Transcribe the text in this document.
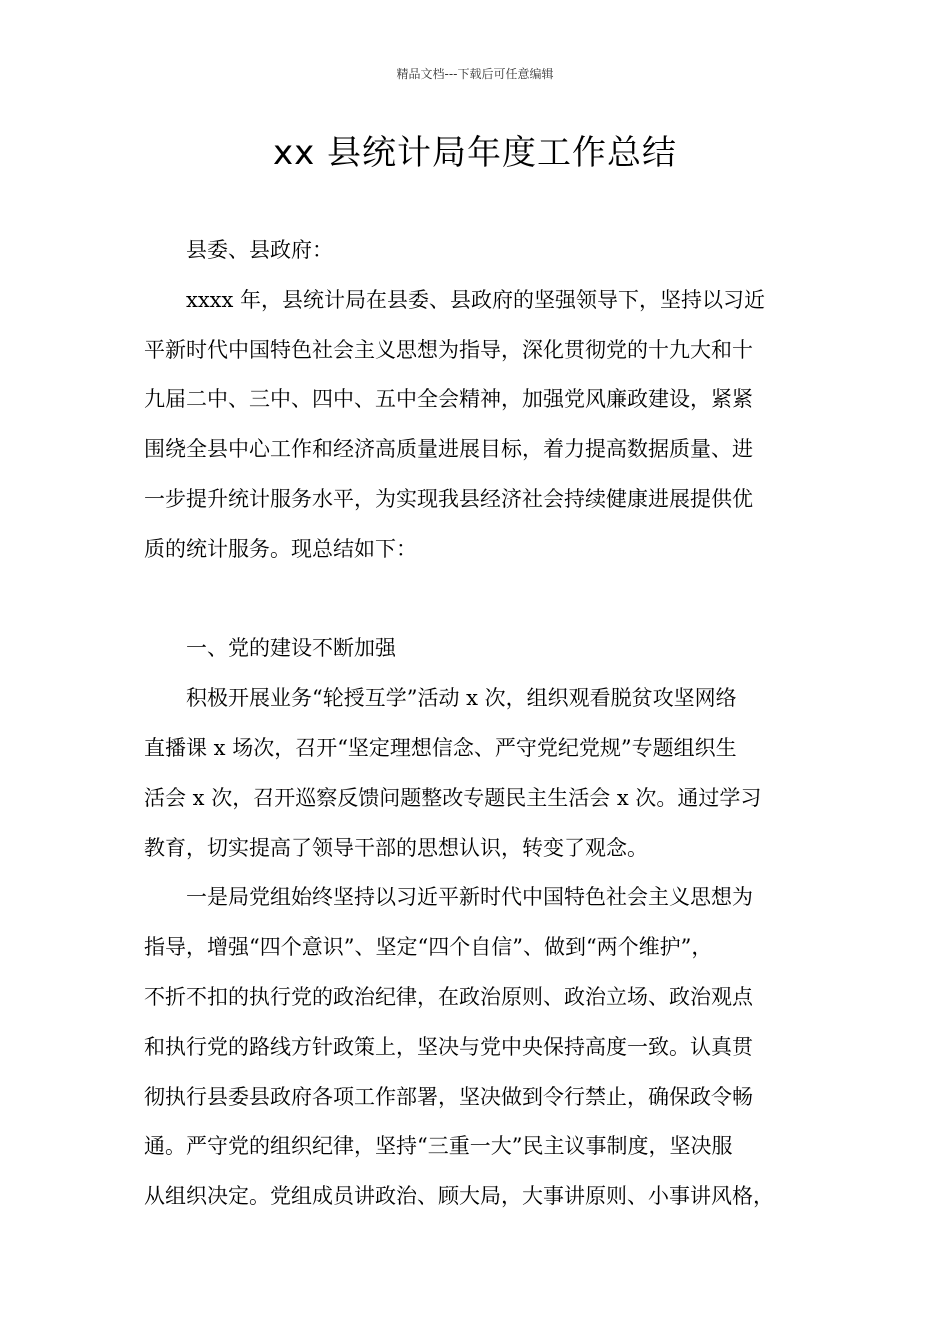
精品文档---下载后可任意编辑
xx 县统计局年度工作总结

县委、县政府：

xxxx 年，县统计局在县委、县政府的坚强领导下，坚持以习近
平新时代中国特色社会主义思想为指导，深化贯彻党的十九大和十
九届二中、三中、四中、五中全会精神，加强党风廉政建设，紧紧
围绕全县中心工作和经济高质量进展目标，着力提高数据质量、进
一步提升统计服务水平，为实现我县经济社会持续健康进展提供优
质的统计服务。现总结如下：

一、党的建设不断加强

积极开展业务“轮授互学”活动 x 次，组织观看脱贫攻坚网络
直播课 x 场次，召开“坚定理想信念、严守党纪党规”专题组织生
活会 x 次，召开巡察反馈问题整改专题民主生活会 x 次。通过学习
教育，切实提高了领导干部的思想认识，转变了观念。

一是局党组始终坚持以习近平新时代中国特色社会主义思想为
指导，增强“四个意识”、坚定“四个自信”、做到“两个维护”，
不折不扣的执行党的政治纪律，在政治原则、政治立场、政治观点
和执行党的路线方针政策上，坚决与党中央保持高度一致。认真贯
彻执行县委县政府各项工作部署，坚决做到令行禁止，确保政令畅
通。严守党的组织纪律，坚持“三重一大”民主议事制度，坚决服
从组织决定。党组成员讲政治、顾大局，大事讲原则、小事讲风格，
